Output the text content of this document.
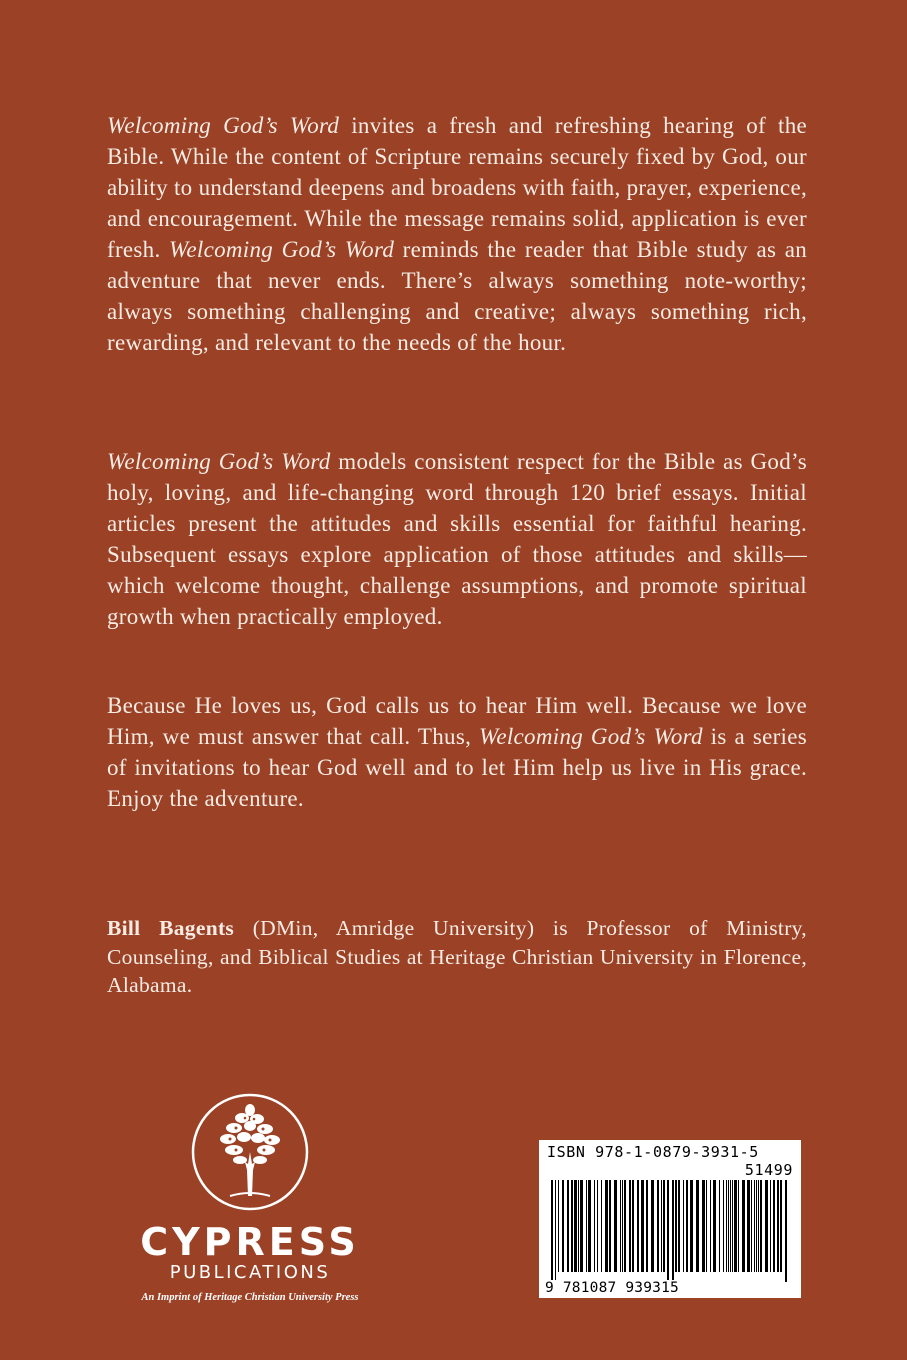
Welcoming God’s Word invites a fresh and refreshing hearing of the Bible. While the content of Scripture remains securely fixed by God, our ability to understand deepens and broadens with faith, prayer, experience, and encouragement. While the message remains solid, application is ever fresh. Welcoming God’s Word reminds the reader that Bible study as an adventure that never ends. There’s always something note-worthy; always something challenging and creative; always something rich, rewarding, and relevant to the needs of the hour.

Welcoming God’s Word models consistent respect for the Bible as God’s holy, loving, and life-changing word through 120 brief essays. Initial articles present the attitudes and skills essential for faithful hearing. Subsequent essays explore application of those attitudes and skills—which welcome thought, challenge assumptions, and promote spiritual growth when practically employed.

Because He loves us, God calls us to hear Him well. Because we love Him, we must answer that call. Thus, Welcoming God’s Word is a series of invitations to hear God well and to let Him help us live in His grace. Enjoy the adventure.

Bill Bagents (DMin, Amridge University) is Professor of Ministry, Counseling, and Biblical Studies at Heritage Christian University in Florence, Alabama.

CYPRESS
PUBLICATIONS
An Imprint of Heritage Christian University Press
ISBN 978-1-0879-3931-5
51499
9 781087 939315
